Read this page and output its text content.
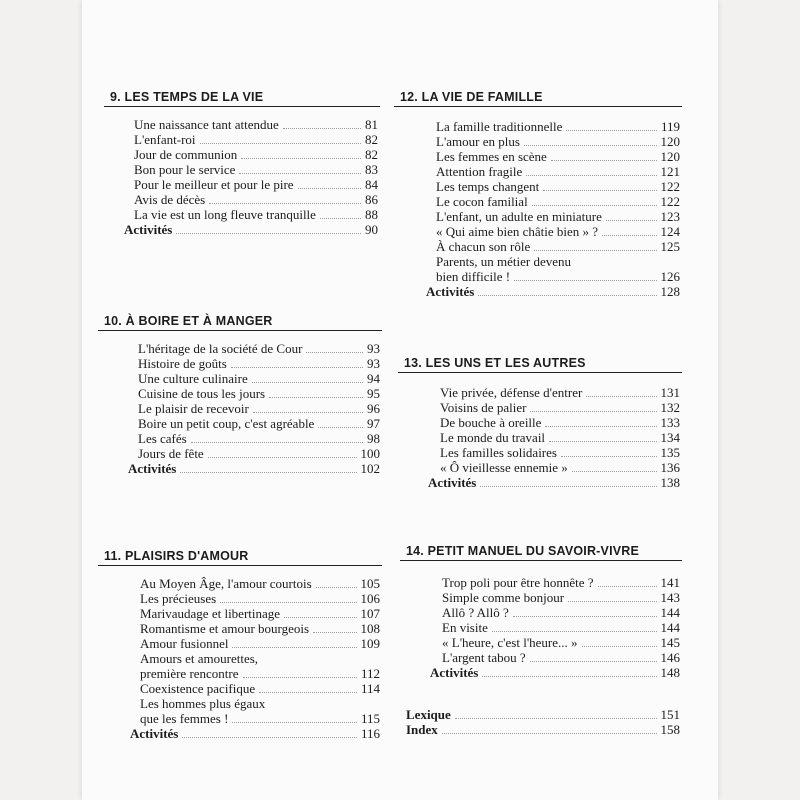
9. LES TEMPS DE LA VIE
Une naissance tant attendue	81
L'enfant-roi	82
Jour de communion	82
Bon pour le service	83
Pour le meilleur et pour le pire	84
Avis de décès	86
La vie est un long fleuve tranquille	88
Activités	90
10. À BOIRE ET À MANGER
L'héritage de la société de Cour	93
Histoire de goûts	93
Une culture culinaire	94
Cuisine de tous les jours	95
Le plaisir de recevoir	96
Boire un petit coup, c'est agréable	97
Les cafés	98
Jours de fête	100
Activités	102
11. PLAISIRS D'AMOUR
Au Moyen Âge, l'amour courtois	105
Les précieuses	106
Marivaudage et libertinage	107
Romantisme et amour bourgeois	108
Amour fusionnel	109
Amours et amourettes,
première rencontre	112
Coexistence pacifique	114
Les hommes plus égaux
que les femmes !	115
Activités	116
12. LA VIE DE FAMILLE
La famille traditionnelle	119
L'amour en plus	120
Les femmes en scène	120
Attention fragile	121
Les temps changent	122
Le cocon familial	122
L'enfant, un adulte en miniature	123
« Qui aime bien châtie bien » ?	124
À chacun son rôle	125
Parents, un métier devenu
bien difficile !	126
Activités	128
13. LES UNS ET LES AUTRES
Vie privée, défense d'entrer	131
Voisins de palier	132
De bouche à oreille	133
Le monde du travail	134
Les familles solidaires	135
« Ô vieillesse ennemie »	136
Activités	138
14. PETIT MANUEL DU SAVOIR-VIVRE
Trop poli pour être honnête ?	141
Simple comme bonjour	143
Allô ? Allô ?	144
En visite	144
« L'heure, c'est l'heure... »	145
L'argent tabou ?	146
Activités	148
Lexique	151
Index	158
